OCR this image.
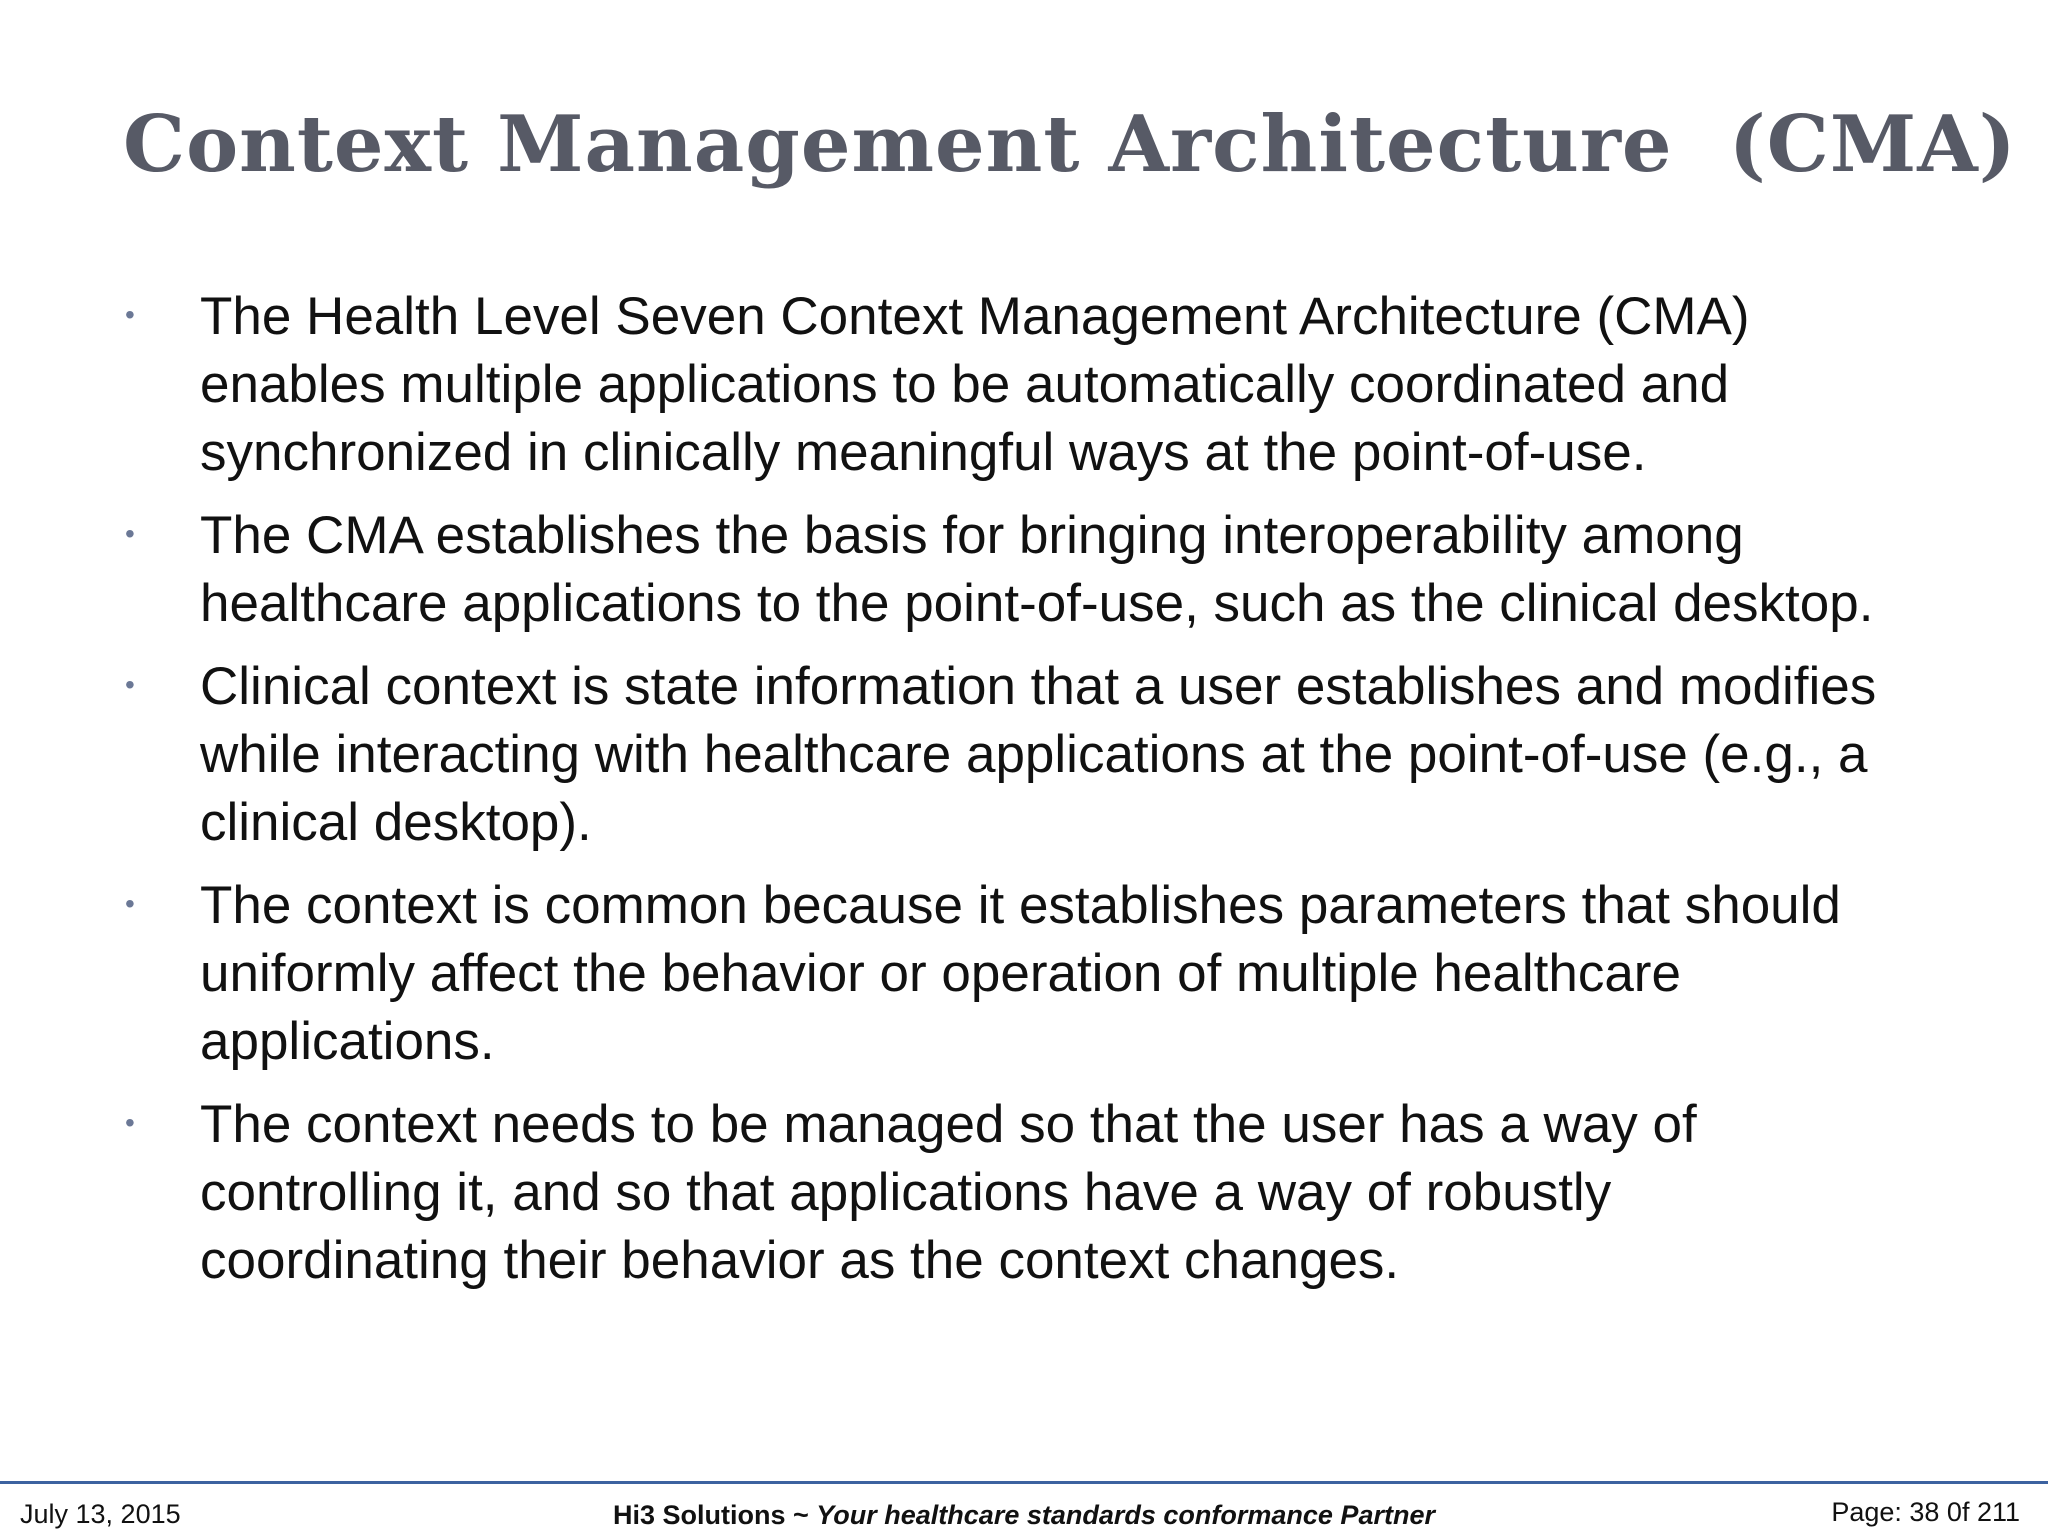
Context Management Architecture  (CMA)
• The Health Level Seven Context Management Architecture (CMA) enables multiple applications to be automatically coordinated and synchronized in clinically meaningful ways at the point-of-use.
• The CMA establishes the basis for bringing interoperability among healthcare applications to the point-of-use, such as the clinical desktop.
• Clinical context is state information that a user establishes and modifies while interacting with healthcare applications at the point-of-use (e.g., a clinical desktop).
• The context is common because it establishes parameters that should uniformly affect the behavior or operation of multiple healthcare applications.
• The context needs to be managed so that the user has a way of controlling it, and so that applications have a way of robustly coordinating their behavior as the context changes.
July 13, 2015	Hi3 Solutions ~ Your healthcare standards conformance Partner	Page: 38 0f 211
